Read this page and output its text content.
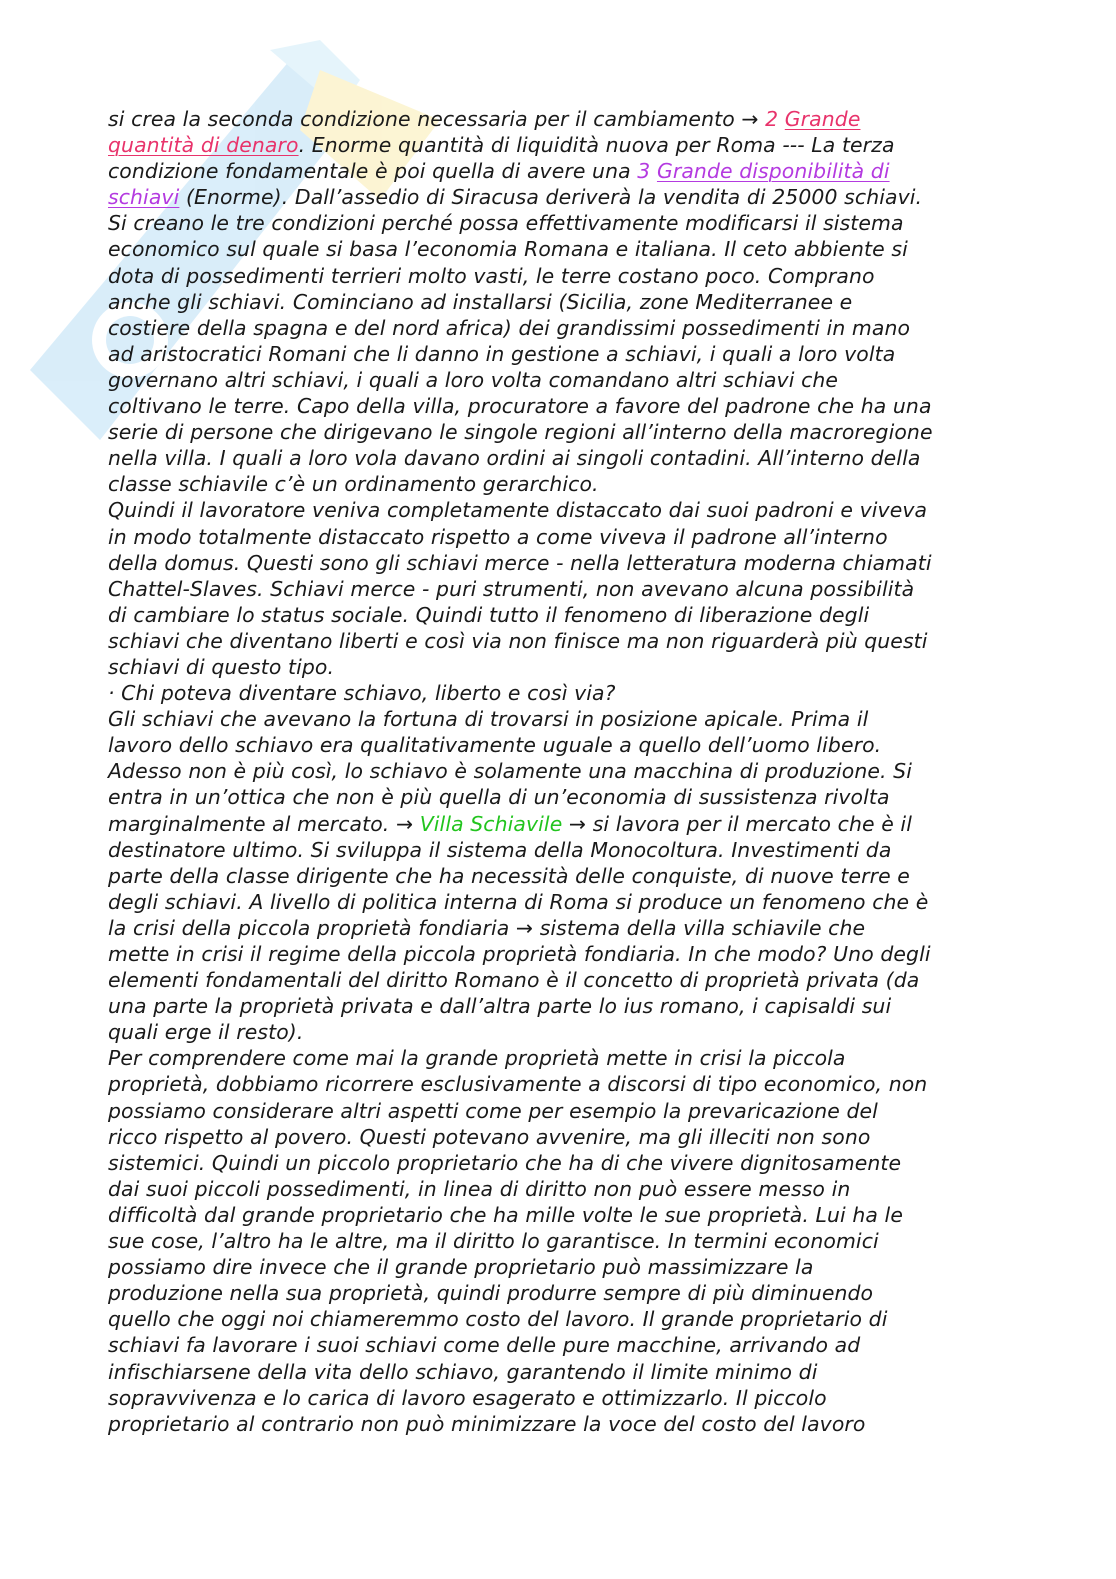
si crea la seconda condizione necessaria per il cambiamento → 2 Grande
quantità di denaro. Enorme quantità di liquidità nuova per Roma --- La terza
condizione fondamentale è poi quella di avere una 3 Grande disponibilità di
schiavi (Enorme). Dall’assedio di Siracusa deriverà la vendita di 25000 schiavi.
Si creano le tre condizioni perché possa effettivamente modificarsi il sistema
economico sul quale si basa l’economia Romana e italiana. Il ceto abbiente si
dota di possedimenti terrieri molto vasti, le terre costano poco. Comprano
anche gli schiavi. Cominciano ad installarsi (Sicilia, zone Mediterranee e
costiere della spagna e del nord africa) dei grandissimi possedimenti in mano
ad aristocratici Romani che li danno in gestione a schiavi, i quali a loro volta
governano altri schiavi, i quali a loro volta comandano altri schiavi che
coltivano le terre. Capo della villa, procuratore a favore del padrone che ha una
serie di persone che dirigevano le singole regioni all’interno della macroregione
nella villa. I quali a loro vola davano ordini ai singoli contadini. All’interno della
classe schiavile c’è un ordinamento gerarchico.
Quindi il lavoratore veniva completamente distaccato dai suoi padroni e viveva
in modo totalmente distaccato rispetto a come viveva il padrone all’interno
della domus. Questi sono gli schiavi merce - nella letteratura moderna chiamati
Chattel-Slaves. Schiavi merce - puri strumenti, non avevano alcuna possibilità
di cambiare lo status sociale. Quindi tutto il fenomeno di liberazione degli
schiavi che diventano liberti e così via non finisce ma non riguarderà più questi
schiavi di questo tipo.
· Chi poteva diventare schiavo, liberto e così via?
Gli schiavi che avevano la fortuna di trovarsi in posizione apicale. Prima il
lavoro dello schiavo era qualitativamente uguale a quello dell’uomo libero.
Adesso non è più così, lo schiavo è solamente una macchina di produzione. Si
entra in un’ottica che non è più quella di un’economia di sussistenza rivolta
marginalmente al mercato. → Villa Schiavile → si lavora per il mercato che è il
destinatore ultimo. Si sviluppa il sistema della Monocoltura. Investimenti da
parte della classe dirigente che ha necessità delle conquiste, di nuove terre e
degli schiavi. A livello di politica interna di Roma si produce un fenomeno che è
la crisi della piccola proprietà fondiaria → sistema della villa schiavile che
mette in crisi il regime della piccola proprietà fondiaria. In che modo? Uno degli
elementi fondamentali del diritto Romano è il concetto di proprietà privata (da
una parte la proprietà privata e dall’altra parte lo ius romano, i capisaldi sui
quali erge il resto).
Per comprendere come mai la grande proprietà mette in crisi la piccola
proprietà, dobbiamo ricorrere esclusivamente a discorsi di tipo economico, non
possiamo considerare altri aspetti come per esempio la prevaricazione del
ricco rispetto al povero. Questi potevano avvenire, ma gli illeciti non sono
sistemici. Quindi un piccolo proprietario che ha di che vivere dignitosamente
dai suoi piccoli possedimenti, in linea di diritto non può essere messo in
difficoltà dal grande proprietario che ha mille volte le sue proprietà. Lui ha le
sue cose, l’altro ha le altre, ma il diritto lo garantisce. In termini economici
possiamo dire invece che il grande proprietario può massimizzare la
produzione nella sua proprietà, quindi produrre sempre di più diminuendo
quello che oggi noi chiameremmo costo del lavoro. Il grande proprietario di
schiavi fa lavorare i suoi schiavi come delle pure macchine, arrivando ad
infischiarsene della vita dello schiavo, garantendo il limite minimo di
sopravvivenza e lo carica di lavoro esagerato e ottimizzarlo. Il piccolo
proprietario al contrario non può minimizzare la voce del costo del lavoro
